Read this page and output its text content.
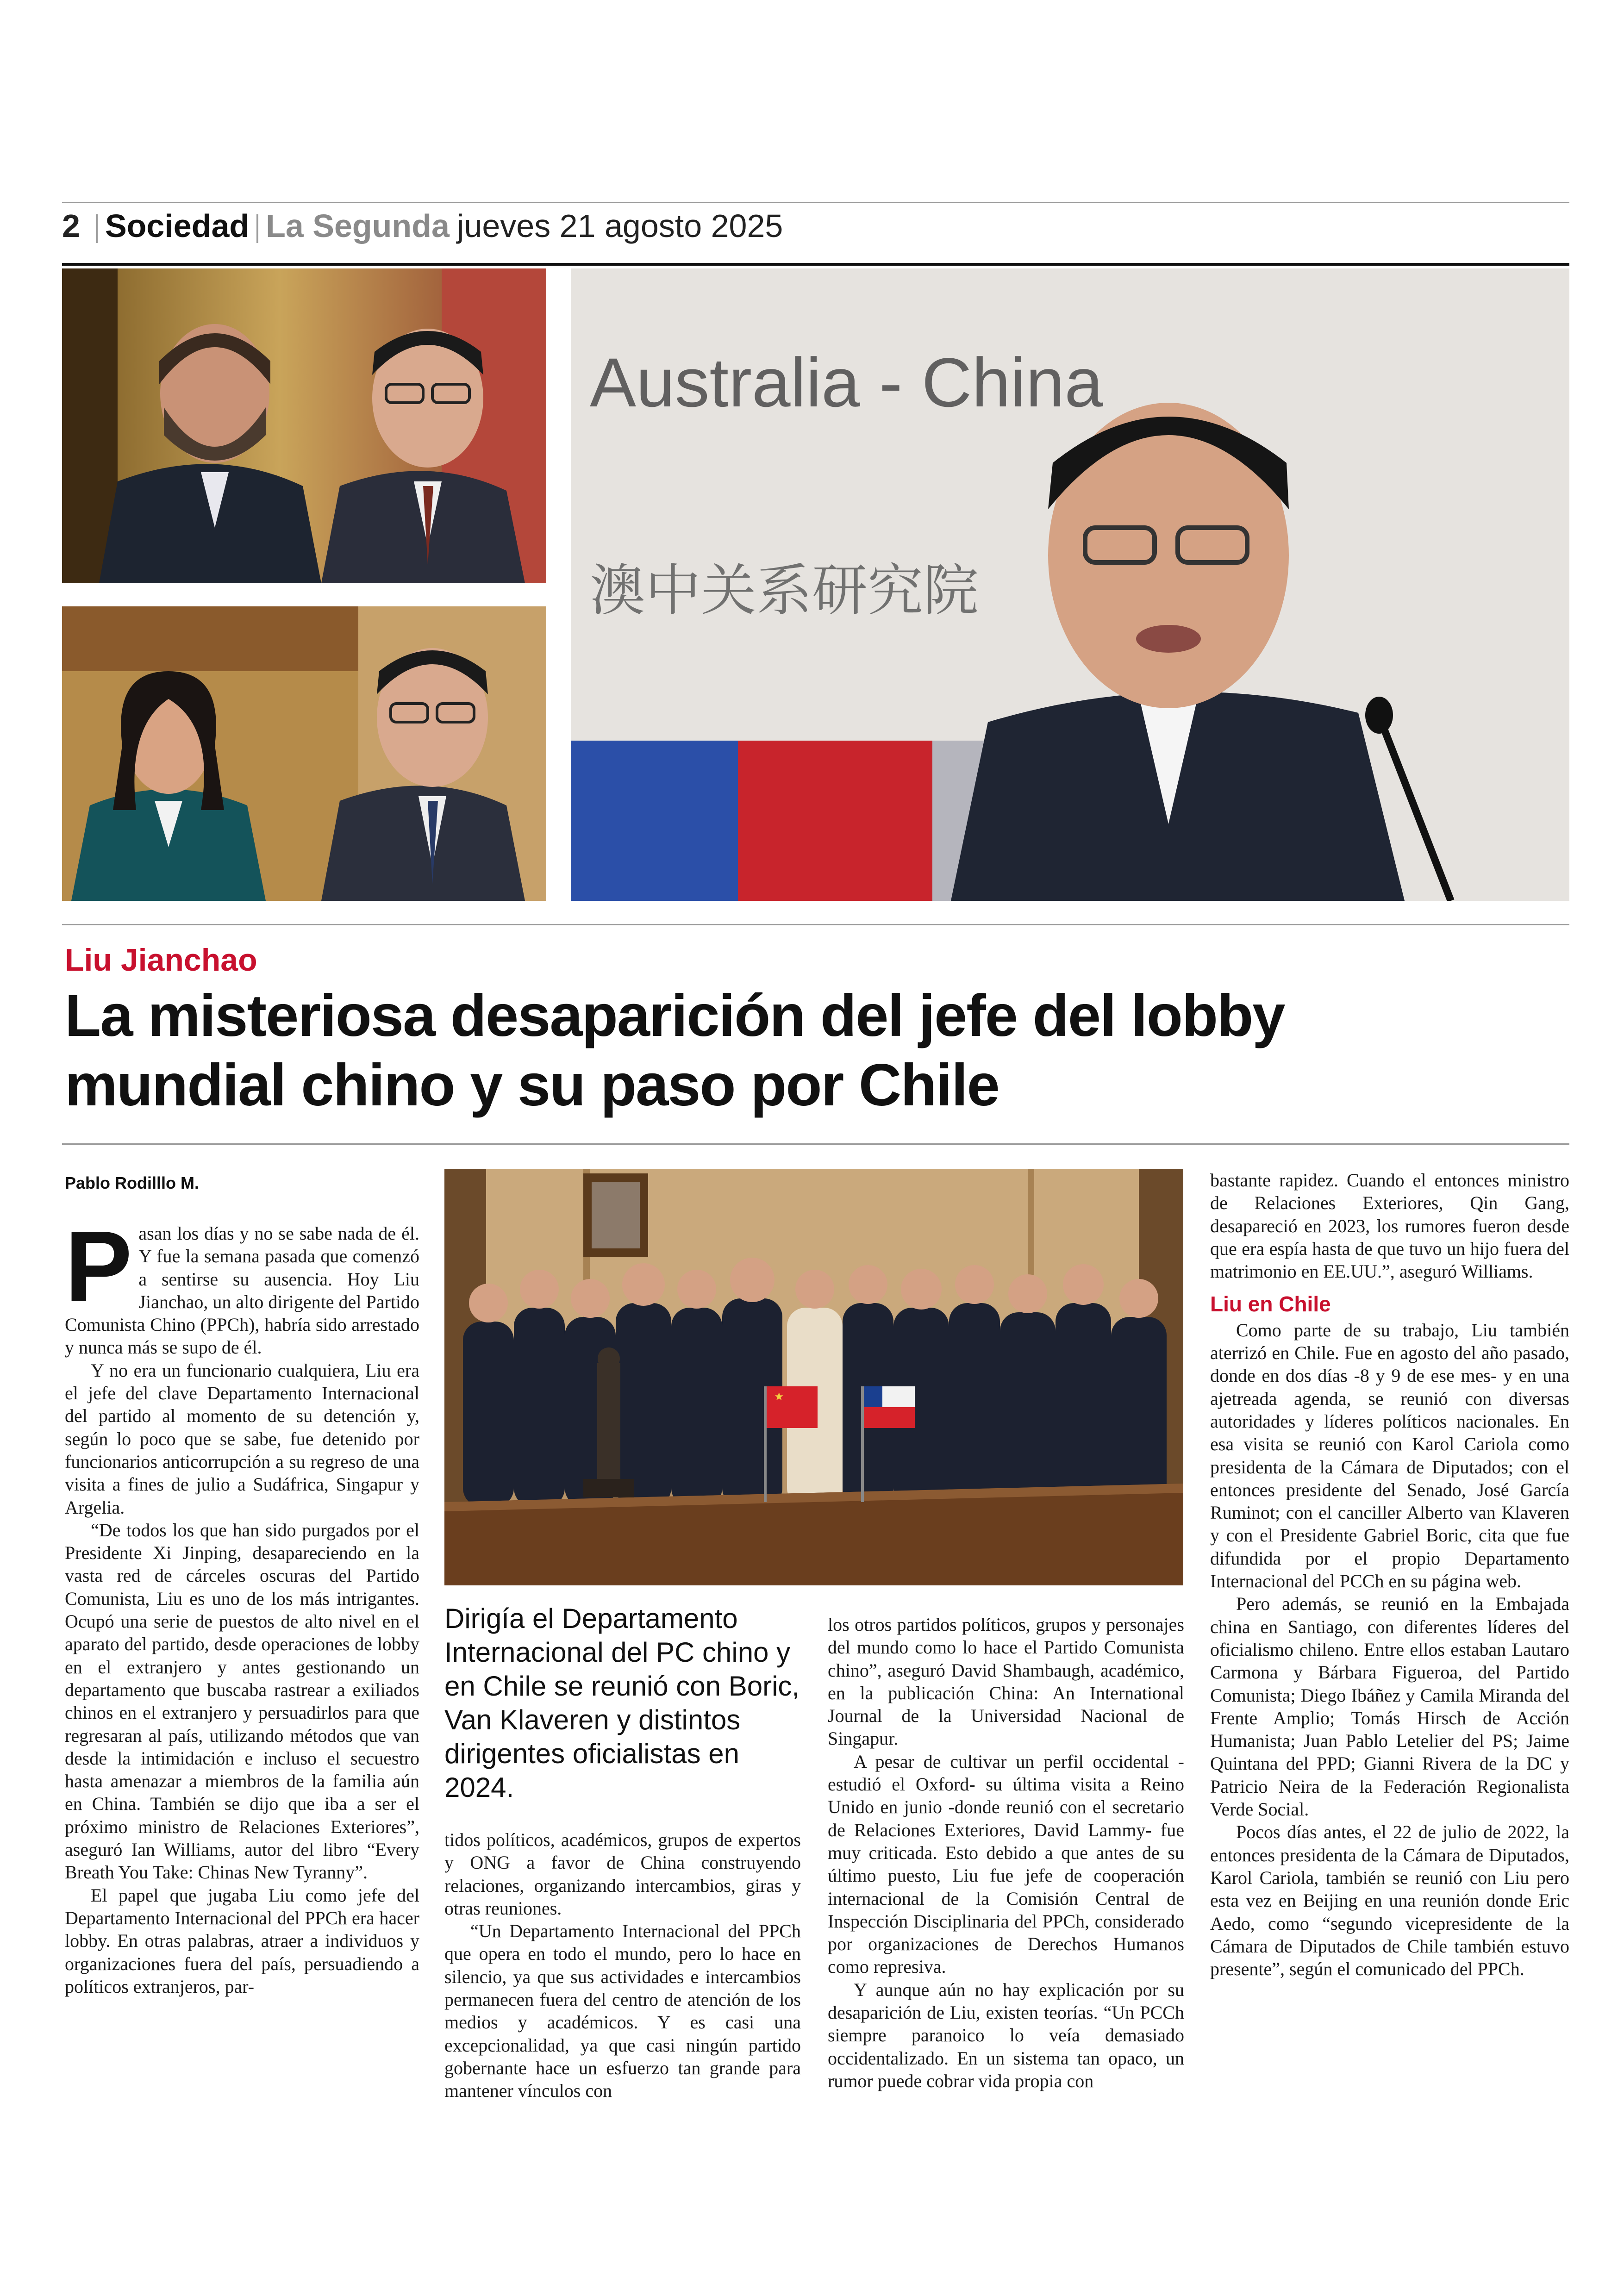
2 Sociedad La Segunda jueves 21 agosto 2025
Australia - China
澳中关系研究院
Liu Jianchao
La misteriosa desaparición del jefe del lobby
mundial chino y su paso por Chile
Pablo Rodilllo M.

Pasan los días y no se sabe nada de él. Y fue la semana pasada que comenzó a sentirse su ausencia. Hoy Liu Jianchao, un alto dirigente del Partido Comunista Chino (PPCh), habría sido arrestado y nunca más se supo de él.

Y no era un funcionario cualquiera, Liu era el jefe del clave Departamento Internacional del partido al momento de su detención y, según lo poco que se sabe, fue detenido por funcionarios anticorrupción a su regreso de una visita a fines de julio a Sudáfrica, Singapur y Argelia.

“De todos los que han sido purgados por el Presidente Xi Jinping, desapareciendo en la vasta red de cárceles oscuras del Partido Comunista, Liu es uno de los más intrigantes. Ocupó una serie de puestos de alto nivel en el aparato del partido, desde operaciones de lobby en el extranjero y antes gestionando un departamento que buscaba rastrear a exiliados chinos en el extranjero y persuadirlos para que regresaran al país, utilizando métodos que van desde la intimidación e incluso el secuestro hasta amenazar a miembros de la familia aún en China. También se dijo que iba a ser el próximo ministro de Relaciones Exteriores”, aseguró Ian Williams, autor del libro “Every Breath You Take: Chinas New Tyranny”.

El papel que jugaba Liu como jefe del Departamento Internacional del PPCh era hacer lobby. En otras palabras, atraer a individuos y organizaciones fuera del país, persuadiendo a políticos extranjeros, par-

★
Dirigía el Departamento Internacional del PC chino y en Chile se reunió con Boric, Van Klaveren y distintos dirigentes oficialistas en 2024.

tidos políticos, académicos, grupos de expertos y ONG a favor de China construyendo relaciones, organizando intercambios, giras y otras reuniones.

“Un Departamento Internacional del PPCh que opera en todo el mundo, pero lo hace en silencio, ya que sus actividades e intercambios permanecen fuera del centro de atención de los medios y académicos. Y es casi una excepcionalidad, ya que casi ningún partido gobernante hace un esfuerzo tan grande para mantener vínculos con

los otros partidos políticos, grupos y personajes del mundo como lo hace el Partido Comunista chino”, aseguró David Shambaugh, académico, en la publicación China: An International Journal de la Universidad Nacional de Singapur.

A pesar de cultivar un perfil occidental -estudió el Oxford- su última visita a Reino Unido en junio -donde reunió con el secretario de Relaciones Exteriores, David Lammy- fue muy criticada. Esto debido a que antes de su último puesto, Liu fue jefe de cooperación internacional de la Comisión Central de Inspección Disciplinaria del PPCh, considerado por organizaciones de Derechos Humanos como represiva.

Y aunque aún no hay explicación por su desaparición de Liu, existen teorías. “Un PCCh siempre paranoico lo veía demasiado occidentalizado. En un sistema tan opaco, un rumor puede cobrar vida propia con

bastante rapidez. Cuando el entonces ministro de Relaciones Exteriores, Qin Gang, desapareció en 2023, los rumores fueron desde que era espía hasta de que tuvo un hijo fuera del matrimonio en EE.UU.”, aseguró Williams.

Liu en Chile

Como parte de su trabajo, Liu también aterrizó en Chile. Fue en agosto del año pasado, donde en dos días -8 y 9 de ese mes- y en una ajetreada agenda, se reunió con diversas autoridades y líderes políticos nacionales. En esa visita se reunió con Karol Cariola como presidenta de la Cámara de Diputados; con el entonces presidente del Senado, José García Ruminot; con el canciller Alberto van Klaveren y con el Presidente Gabriel Boric, cita que fue difundida por el propio Departamento Internacional del PCCh en su página web.

Pero además, se reunió en la Embajada china en Santiago, con diferentes líderes del oficialismo chileno. Entre ellos estaban Lautaro Carmona y Bárbara Figueroa, del Partido Comunista; Diego Ibáñez y Camila Miranda del Frente Amplio; Tomás Hirsch de Acción Humanista; Juan Pablo Letelier del PS; Jaime Quintana del PPD; Gianni Rivera de la DC y Patricio Neira de la Federación Regionalista Verde Social.

Pocos días antes, el 22 de julio de 2022, la entonces presidenta de la Cámara de Diputados, Karol Cariola, también se reunió con Liu pero esta vez en Beijing en una reunión donde Eric Aedo, como “segundo vicepresidente de la Cámara de Diputados de Chile también estuvo presente”, según el comunicado del PPCh.
